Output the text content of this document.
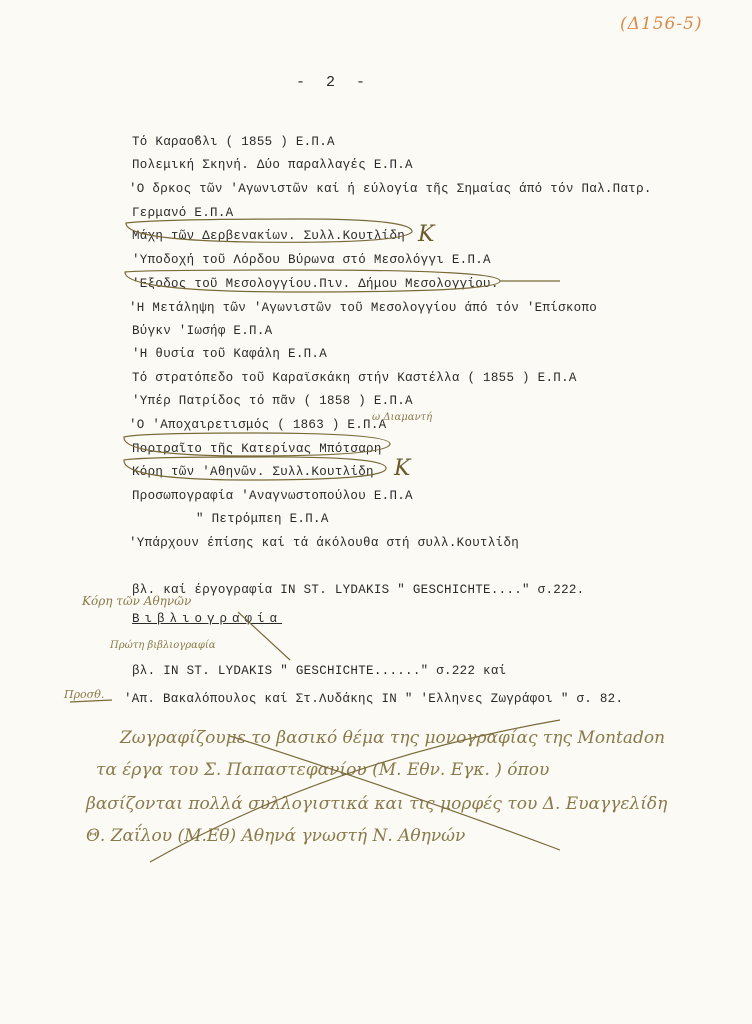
(Δ156-5)
- 2 -
Τό Καραοϐλι ( 1855 ) Ε.Π.Α
Πολεμική Σκηνή. Δύο παραλλαγές Ε.Π.Α
'Ο δρκος τῶν 'Αγωνιστῶν καί ή εύλογία τῆς Σημαίας άπό τόν Παλ.Πατρ.
Γερμανό Ε.Π.Α
Μάχη τῶν Δερβενακίων. Συλλ.Κουτλίδη
'Υποδοχή τοῦ Λόρδου Βύρωνα στό Μεσολόγγι Ε.Π.Α
'Εξοδος τοῦ Μεσολογγίου.Πιν. Δήμου Μεσολογγίου.
'Η Μετάληψη τῶν 'Αγωνιστῶν τοῦ Μεσολογγίου άπό τόν 'Επίσκοπο
Βύγκν 'Ιωσήφ Ε.Π.Α
'Η θυσία τοῦ Καφάλη Ε.Π.Α
Τό στρατόπεδο τοῦ Καραϊσκάκη στήν Καστέλλα ( 1855 ) Ε.Π.Α
'Υπέρ Πατρίδος τό πᾶν ( 1858 ) Ε.Π.Α
'Ο 'Αποχαιρετισμός ( 1863 ) Ε.Π.Α
Πορτραῖτο τῆς Κατερίνας Μπότσαρη
Κόρη τῶν 'Αθηνῶν. Συλλ.Κουτλίδη
Προσωπογραφία 'Αναγνωστοπούλου Ε.Π.Α
" Πετρόμπεη Ε.Π.Α
'Υπάρχουν έπίσης καί τά άκόλουθα στή συλλ.Κουτλίδη
βλ. καί έργογραφία IN ST. LYDAKIS " GESCHICHTE...." σ.222.
Βιβλιογραφία
βλ. IN ST. LYDAKIS " GESCHICHTE......" σ.222 καί
'Απ. Βακαλόπουλος καί Στ.Λυδάκης IN " 'Ελληνες Ζωγράφοι " σ. 82.
K
K
ω Διαμαντή
Κόρη τῶν Αθηνῶν
Πρώτη βιβλιογραφία
Προσθ.
Ζωγραφίζουμε το βασικό θέμα της μονογραφίας της Montadon
τα έργα του Σ. Παπαστεφανίου (Μ. Εθν. Εγκ. ) όπου
βασίζονται πολλά συλλογιστικά και τις μορφές του Δ. Ευαγγελίδη
Θ. Ζαΐλου (Μ.Εθ) Αθηνά γνωστή Ν. Αθηνών
